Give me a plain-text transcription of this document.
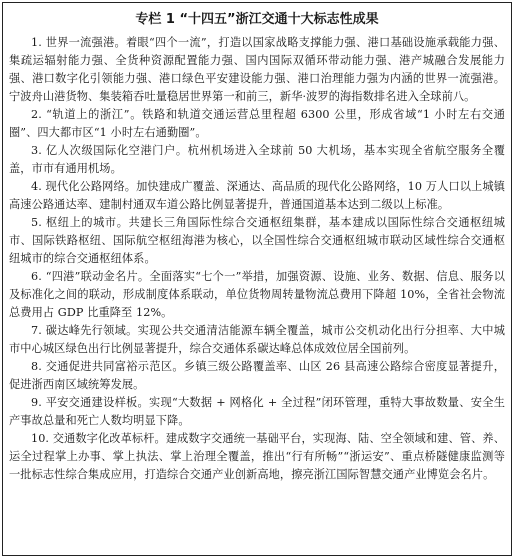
专栏 1 “十四五”浙江交通十大标志性成果

1. 世界一流强港。着眼“四个一流”，打造以国家战略支撑能力强、港口基础设施承载能力强、集疏运辐射能力强、全货种资源配置能力强、国内国际双循环带动能力强、港产城融合发展能力强、港口数字化引领能力强、港口绿色平安建设能力强、港口治理能力强为内涵的世界一流强港。宁波舟山港货物、集装箱吞吐量稳居世界第一和前三，新华·波罗的海指数排名进入全球前八。

2. “轨道上的浙江”。铁路和轨道交通运营总里程超 6300 公里，形成省域“1 小时左右交通圈”、四大都市区“1 小时左右通勤圈”。

3. 亿人次级国际化空港门户。杭州机场进入全球前 50 大机场，基本实现全省航空服务全覆盖，市市有通用机场。

4. 现代化公路网络。加快建成广覆盖、深通达、高品质的现代化公路网络，10 万人口以上城镇高速公路通达率、建制村通双车道公路比例显著提升，普通国道基本达到二级以上标准。

5. 枢纽上的城市。共建长三角国际性综合交通枢纽集群，基本建成以国际性综合交通枢纽城市、国际铁路枢纽、国际航空枢纽海港为核心，以全国性综合交通枢纽城市联动区域性综合交通枢纽城市的综合交通枢纽体系。

6. “四港”联动金名片。全面落实“七个一”举措，加强资源、设施、业务、数据、信息、服务以及标准化之间的联动，形成制度体系联动，单位货物周转量物流总费用下降超 10%，全省社会物流总费用占 GDP 比重降至 12%。

7. 碳达峰先行领域。实现公共交通清洁能源车辆全覆盖，城市公交机动化出行分担率、大中城市中心城区绿色出行比例显著提升，综合交通体系碳达峰总体成效位居全国前列。

8. 交通促进共同富裕示范区。乡镇三级公路覆盖率、山区 26 县高速公路综合密度显著提升，促进浙西南区域统筹发展。

9. 平安交通建设样板。实现“大数据 + 网格化 + 全过程”闭环管理，重特大事故数量、安全生产事故总量和死亡人数均明显下降。

10. 交通数字化改革标杆。建成数字交通统一基础平台，实现海、陆、空全领域和建、管、养、运全过程掌上办事、掌上执法、掌上治理全覆盖，推出“行有所畅”“浙运安”、重点桥隧健康监测等一批标志性综合集成应用，打造综合交通产业创新高地，擦亮浙江国际智慧交通产业博览会名片。
